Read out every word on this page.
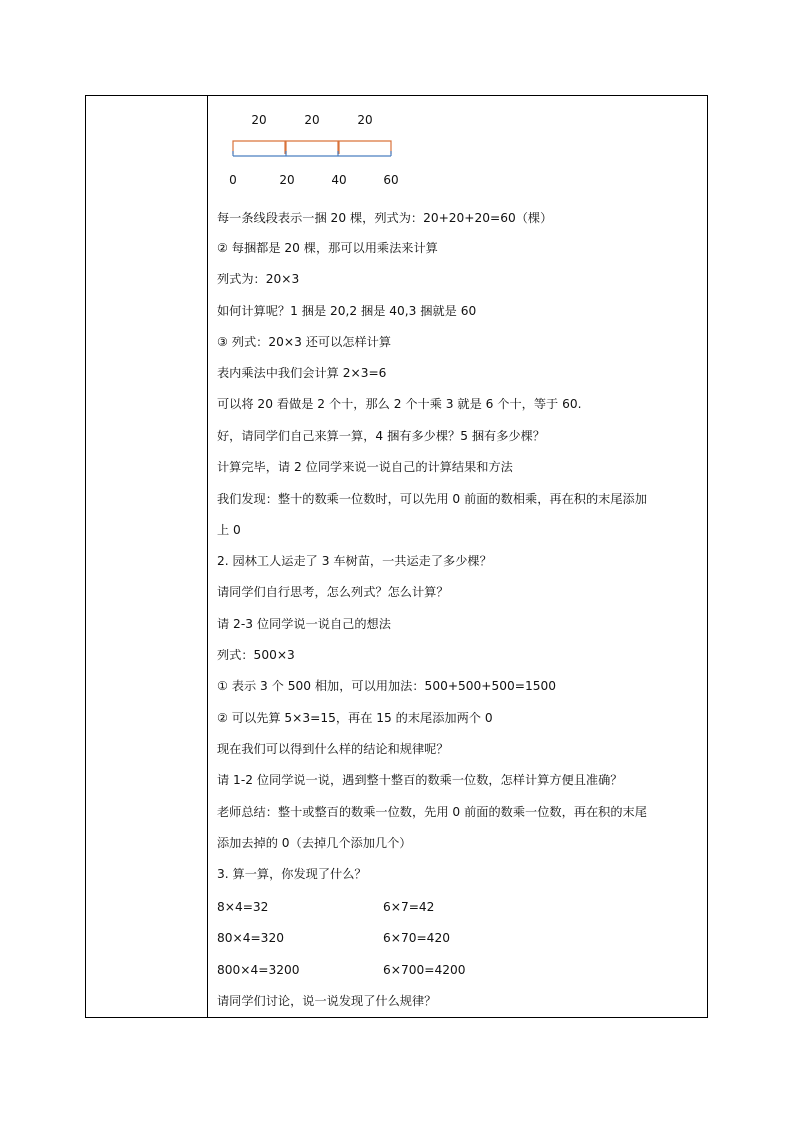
20	20	20
0	20	40	60
每一条线段表示一捆 20 棵，列式为：20+20+20=60（棵）
② 每捆都是 20 棵，那可以用乘法来计算
列式为：20×3
如何计算呢？1 捆是 20,2 捆是 40,3 捆就是 60
③ 列式：20×3 还可以怎样计算
表内乘法中我们会计算 2×3=6
可以将 20 看做是 2 个十，那么 2 个十乘 3 就是 6 个十，等于 60.
好，请同学们自己来算一算，4 捆有多少棵？5 捆有多少棵？
计算完毕，请 2 位同学来说一说自己的计算结果和方法
我们发现：整十的数乘一位数时，可以先用 0 前面的数相乘，再在积的末尾添加
上 0
2. 园林工人运走了 3 车树苗，一共运走了多少棵？
请同学们自行思考，怎么列式？怎么计算？
请 2-3 位同学说一说自己的想法
列式：500×3
① 表示 3 个 500 相加，可以用加法：500+500+500=1500
② 可以先算 5×3=15，再在 15 的末尾添加两个 0
现在我们可以得到什么样的结论和规律呢？
请 1-2 位同学说一说，遇到整十整百的数乘一位数，怎样计算方便且准确？
老师总结：整十或整百的数乘一位数，先用 0 前面的数乘一位数，再在积的末尾
添加去掉的 0（去掉几个添加几个）
3. 算一算，你发现了什么？
8×4=32	6×7=42
80×4=320	6×70=420
800×4=3200	6×700=4200
请同学们讨论，说一说发现了什么规律？
